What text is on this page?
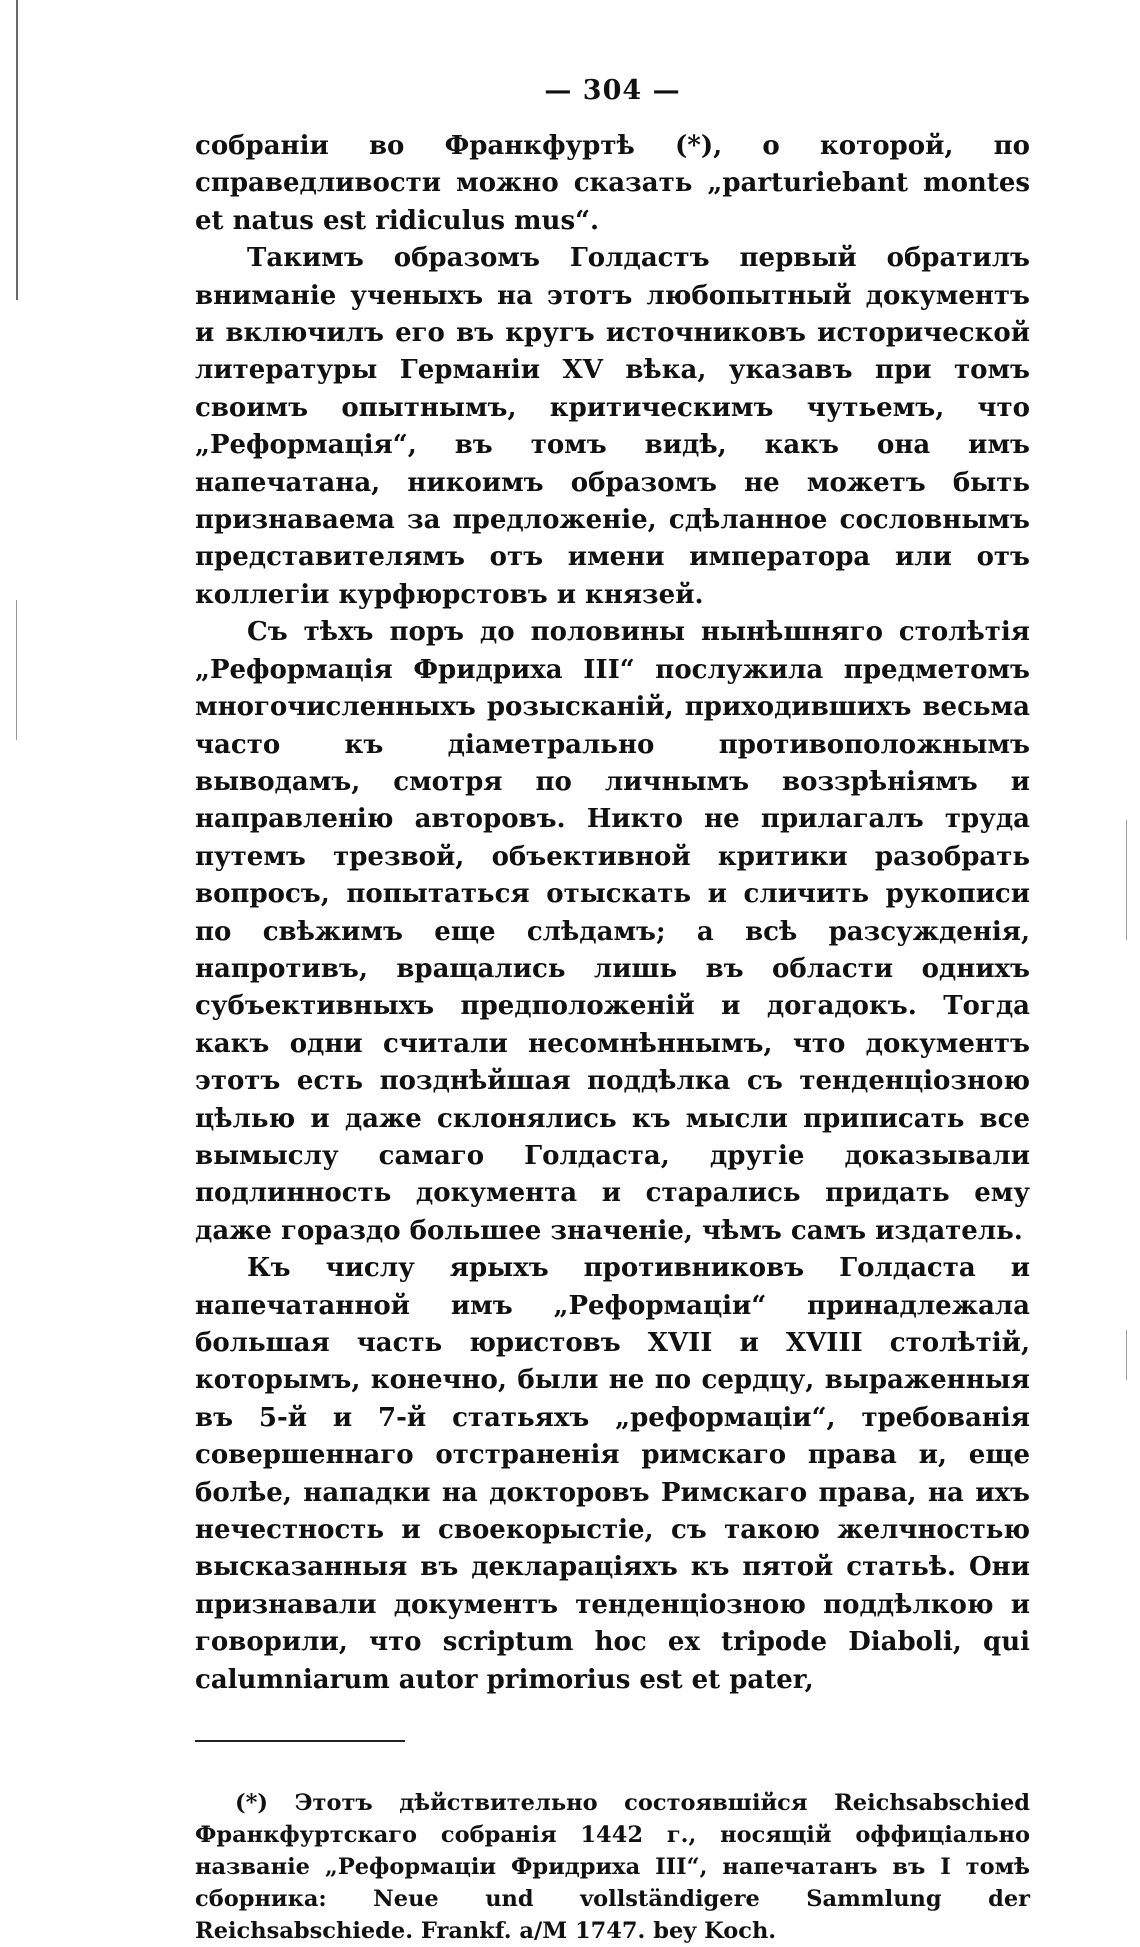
— 304 —

собраніи во Франкфуртѣ (*), о которой, по справедливости можно сказать „parturiebant montes et natus est ridiculus mus“.

Такимъ образомъ Голдастъ первый обратилъ вниманіе ученыхъ на этотъ любопытный документъ и включилъ его въ кругъ источниковъ исторической литературы Германіи XV вѣка, указавъ при томъ своимъ опытнымъ, критическимъ чутьемъ, что „Реформація“, въ томъ видѣ, какъ она имъ напечатана, никоимъ образомъ не можетъ быть признаваема за предложеніе, сдѣланное сословнымъ представителямъ отъ имени императора или отъ коллегіи курфюрстовъ и князей.

Съ тѣхъ поръ до половины нынѣшняго столѣтія „Реформація Фридриха III“ послужила предметомъ многочисленныхъ розысканій, приходившихъ весьма часто къ діаметрально противоположнымъ выводамъ, смотря по личнымъ воззрѣніямъ и направленію авторовъ. Никто не прилагалъ труда путемъ трезвой, объективной критики разобрать вопросъ, попытаться отыскать и сличить рукописи по свѣжимъ еще слѣдамъ; а всѣ разсужденія, напротивъ, вращались лишь въ области однихъ субъективныхъ предположеній и догадокъ. Тогда какъ одни считали несомнѣннымъ, что документъ этотъ есть позднѣйшая поддѣлка съ тенденціозною цѣлью и даже склонялись къ мысли приписать все вымыслу самаго Голдаста, другіе доказывали подлинность документа и старались придать ему даже гораздо большее значеніе, чѣмъ самъ издатель.

Къ числу ярыхъ противниковъ Голдаста и напечатанной имъ „Реформаціи“ принадлежала большая часть юристовъ XVII и XVIII столѣтій, которымъ, конечно, были не по сердцу, выраженныя въ 5-й и 7-й статьяхъ „реформаціи“, требованія совершеннаго отстраненія римскаго права и, еще болѣе, нападки на докторовъ Римскаго права, на ихъ нечестность и своекорыстіе, съ такою желчностью высказанныя въ декларацiяхъ къ пятой статьѣ. Они признавали документъ тенденціозною поддѣлкою и говорили, что scriptum hoc ex tripode Diaboli, qui calumniarum autor primorius est et pater,

(*) Этотъ дѣйствительно состоявшійся Reichsabschied Франкфуртскаго собранія 1442 г., носящій оффиціально названіе „Реформаціи Фридриха III“, напечатанъ въ I томѣ сборника: Neue und vollständigere Sammlung der Reichsabschiede. Frankf. a/M 1747. bey Koch.
